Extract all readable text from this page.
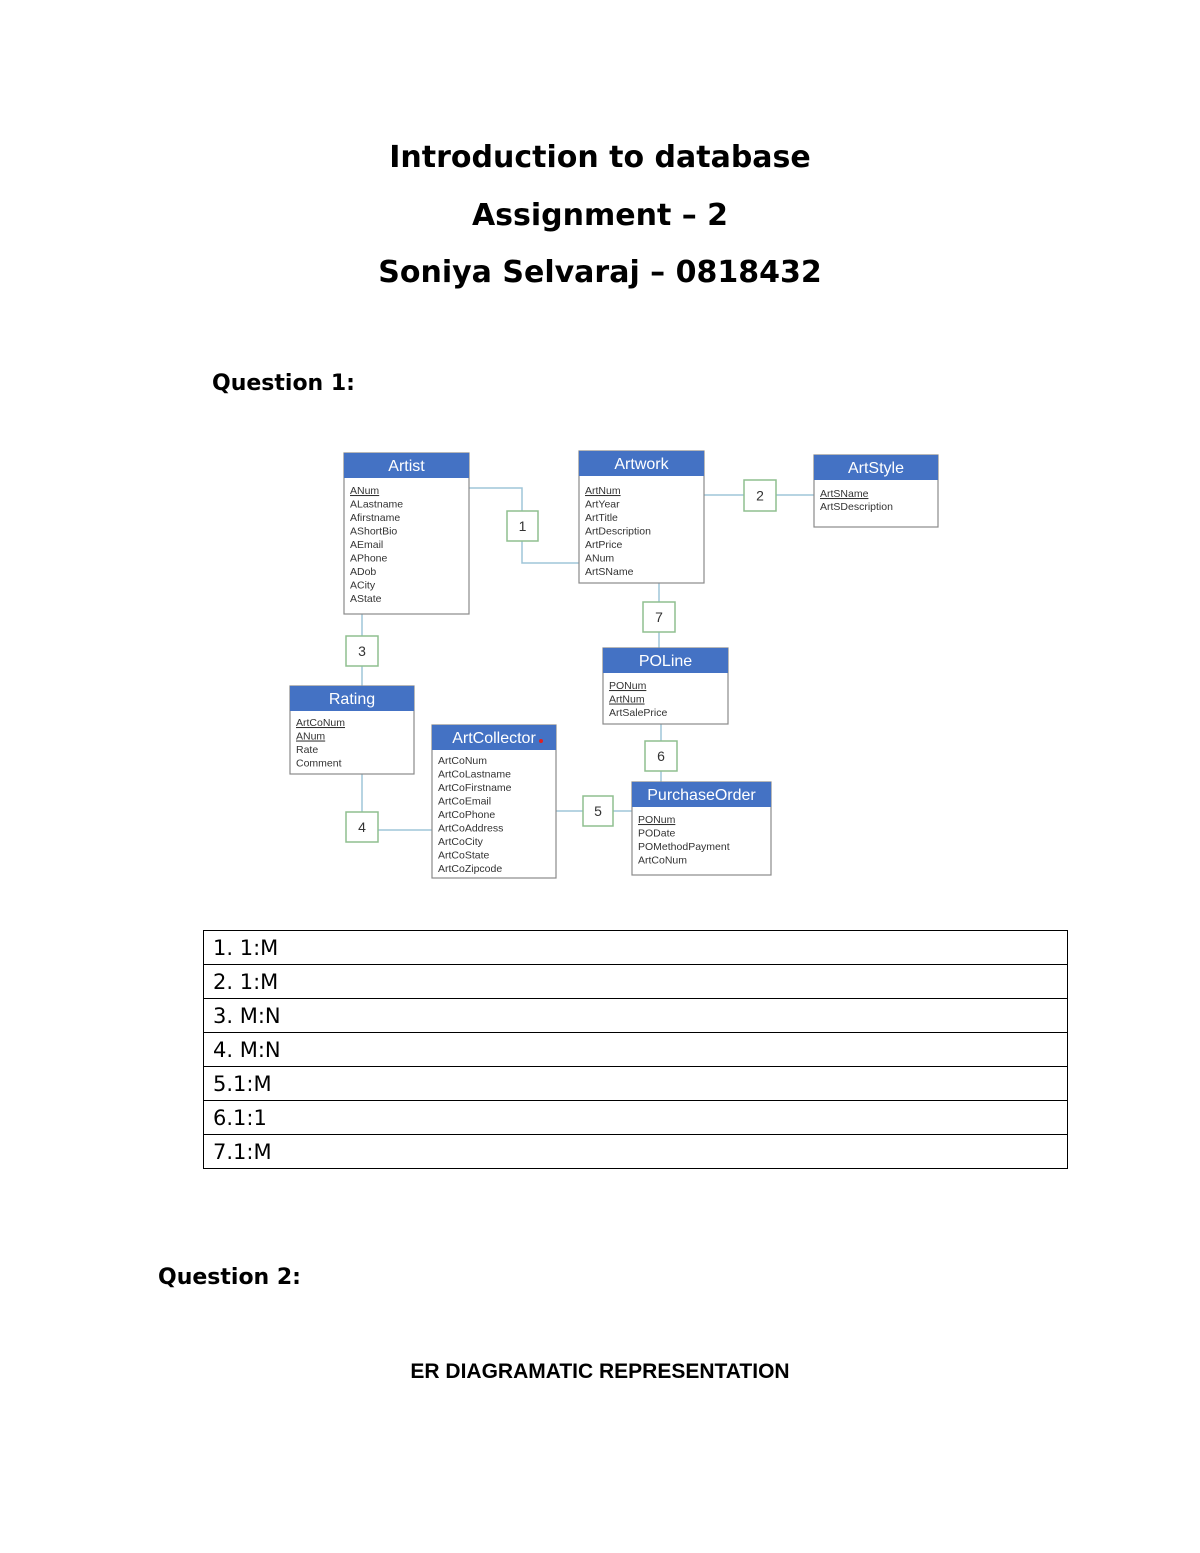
Introduction to database
Assignment – 2
Soniya Selvaraj – 0818432
Question 1:
Artist
ANum
ALastname
Afirstname
AShortBio
AEmail
APhone
ADob
ACity
AState
Artwork
ArtNum
ArtYear
ArtTitle
ArtDescription
ArtPrice
ANum
ArtSName
ArtStyle
ArtSName
ArtSDescription
Rating
ArtCoNum
ANum
Rate
Comment
ArtCollector
ArtCoNum
ArtCoLastname
ArtCoFirstname
ArtCoEmail
ArtCoPhone
ArtCoAddress
ArtCoCity
ArtCoState
ArtCoZipcode
POLine
PONum
ArtNum
ArtSalePrice
PurchaseOrder
PONum
PODate
POMethodPayment
ArtCoNum
1
2
3
4
5
6
7
1. 1:M
2. 1:M
3. M:N
4. M:N
5.1:M
6.1:1
7.1:M
Question 2:
ER DIAGRAMATIC REPRESENTATION
